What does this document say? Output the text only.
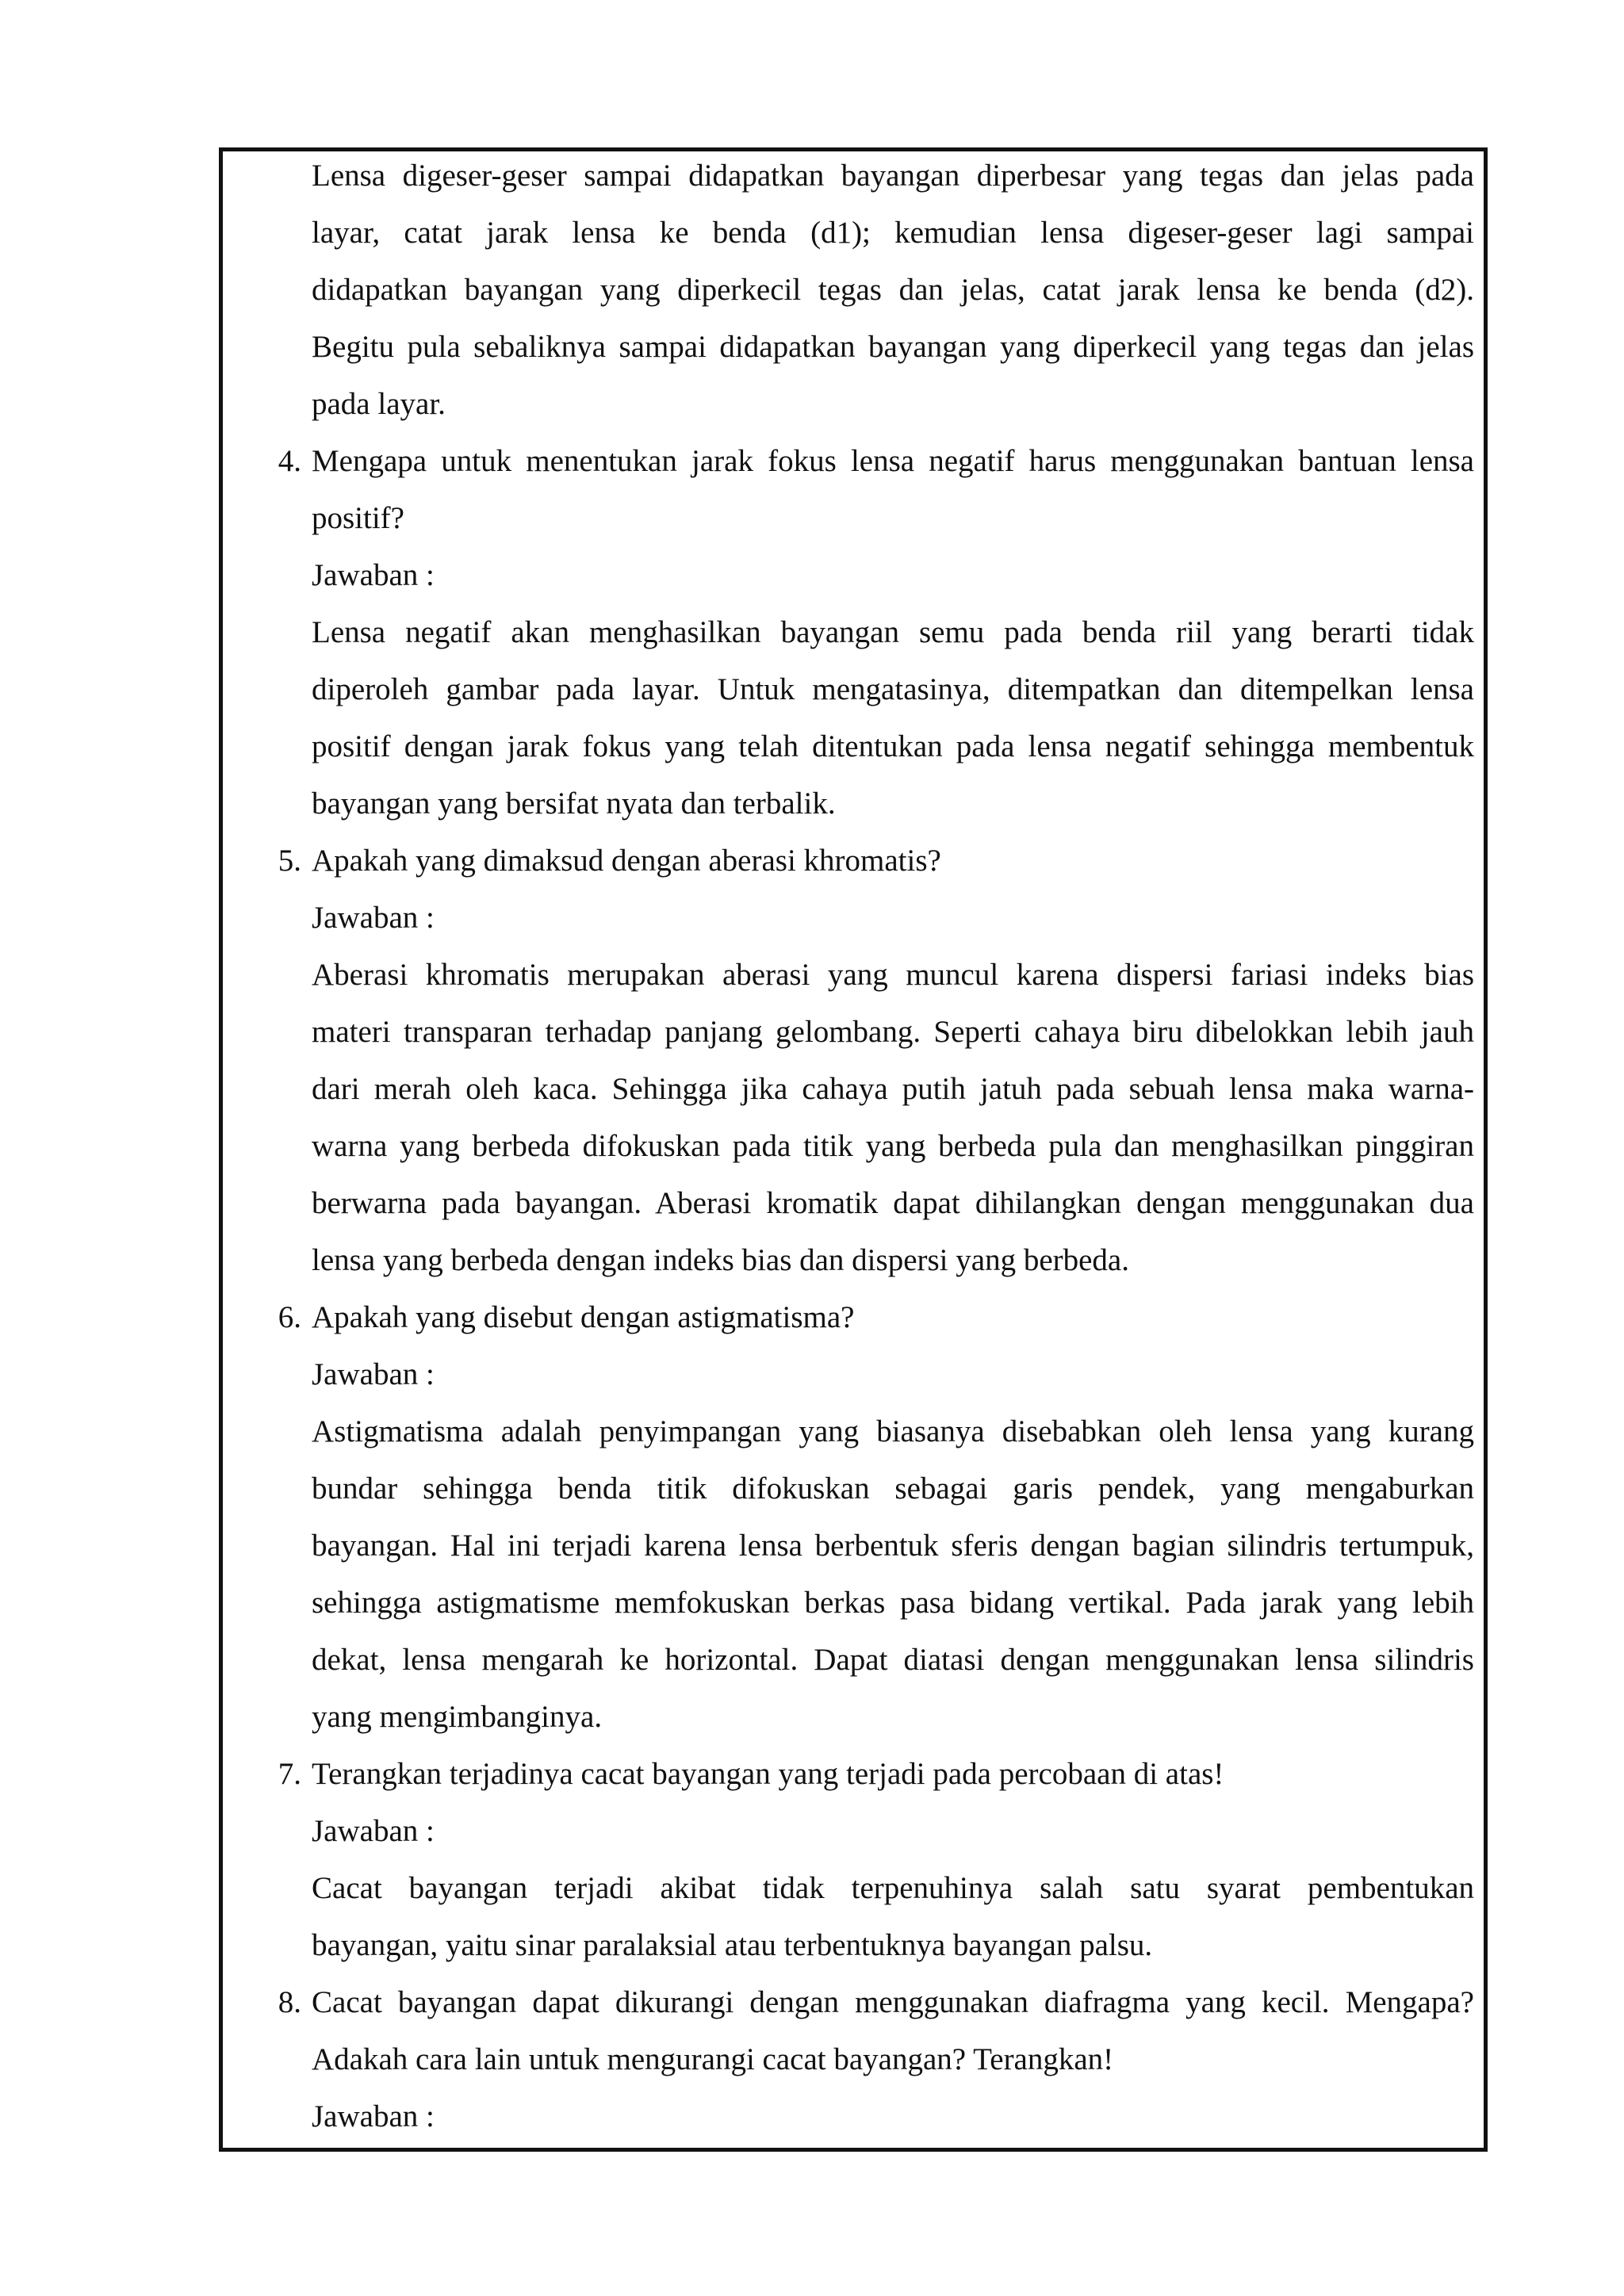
Lensa digeser-geser sampai didapatkan bayangan diperbesar yang tegas dan jelas pada
layar, catat jarak lensa ke benda (d1); kemudian lensa digeser-geser lagi sampai
didapatkan bayangan yang diperkecil tegas dan jelas, catat jarak lensa ke benda (d2).
Begitu pula sebaliknya sampai didapatkan bayangan yang diperkecil yang tegas dan jelas
pada layar.
4. Mengapa untuk menentukan jarak fokus lensa negatif harus menggunakan bantuan lensa
positif?
Jawaban :
Lensa negatif akan menghasilkan bayangan semu pada benda riil yang berarti tidak
diperoleh gambar pada layar. Untuk mengatasinya, ditempatkan dan ditempelkan lensa
positif dengan jarak fokus yang telah ditentukan pada lensa negatif sehingga membentuk
bayangan yang bersifat nyata dan terbalik.
5. Apakah yang dimaksud dengan aberasi khromatis?
Jawaban :
Aberasi khromatis merupakan aberasi yang muncul karena dispersi fariasi indeks bias
materi transparan terhadap panjang gelombang. Seperti cahaya biru dibelokkan lebih jauh
dari merah oleh kaca. Sehingga jika cahaya putih jatuh pada sebuah lensa maka warna-
warna yang berbeda difokuskan pada titik yang berbeda pula dan menghasilkan pinggiran
berwarna pada bayangan. Aberasi kromatik dapat dihilangkan dengan menggunakan dua
lensa yang berbeda dengan indeks bias dan dispersi yang berbeda.
6. Apakah yang disebut dengan astigmatisma?
Jawaban :
Astigmatisma adalah penyimpangan yang biasanya disebabkan oleh lensa yang kurang
bundar sehingga benda titik difokuskan sebagai garis pendek, yang mengaburkan
bayangan. Hal ini terjadi karena lensa berbentuk sferis dengan bagian silindris tertumpuk,
sehingga astigmatisme memfokuskan berkas pasa bidang vertikal. Pada jarak yang lebih
dekat, lensa mengarah ke horizontal. Dapat diatasi dengan menggunakan lensa silindris
yang mengimbanginya.
7. Terangkan terjadinya cacat bayangan yang terjadi pada percobaan di atas!
Jawaban :
Cacat bayangan terjadi akibat tidak terpenuhinya salah satu syarat pembentukan
bayangan, yaitu sinar paralaksial atau terbentuknya bayangan palsu.
8. Cacat bayangan dapat dikurangi dengan menggunakan diafragma yang kecil. Mengapa?
Adakah cara lain untuk mengurangi cacat bayangan? Terangkan!
Jawaban :
